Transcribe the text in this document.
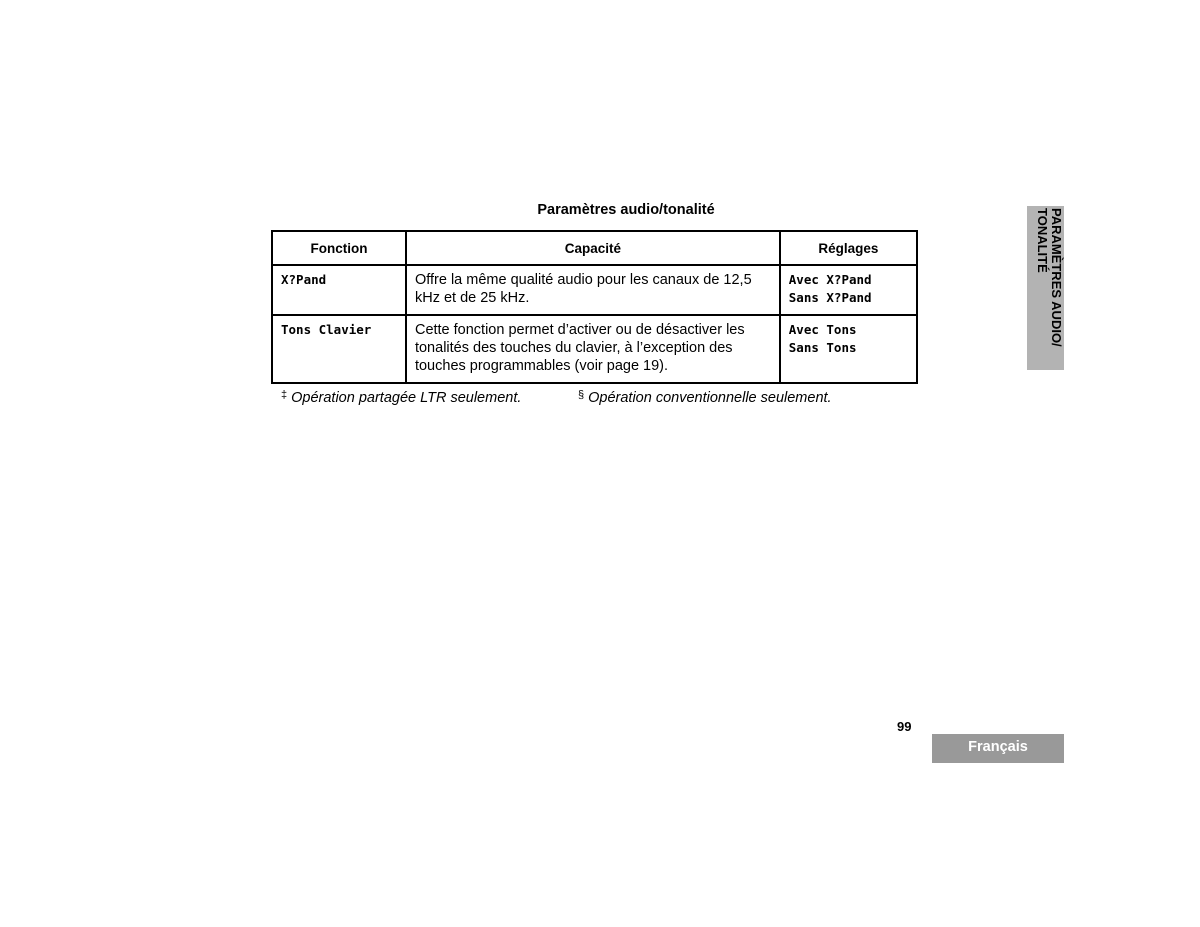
Paramètres audio/tonalité
Fonction	Capacité	Réglages

X?Pand	Offre la même qualité audio pour les canaux de 12,5 kHz et de 25 kHz.	Avec X?Pand
Sans X?Pand

Tons Clavier	Cette fonction permet d’activer ou de désactiver les tonalités des touches du clavier, à l’exception des touches programmables (voir page 19).	Avec Tons
Sans Tons
‡ Opération partagée LTR seulement.	§ Opération conventionnelle seulement.
PARAMÈTRES AUDIO/
TONALITÉ
99
Français
